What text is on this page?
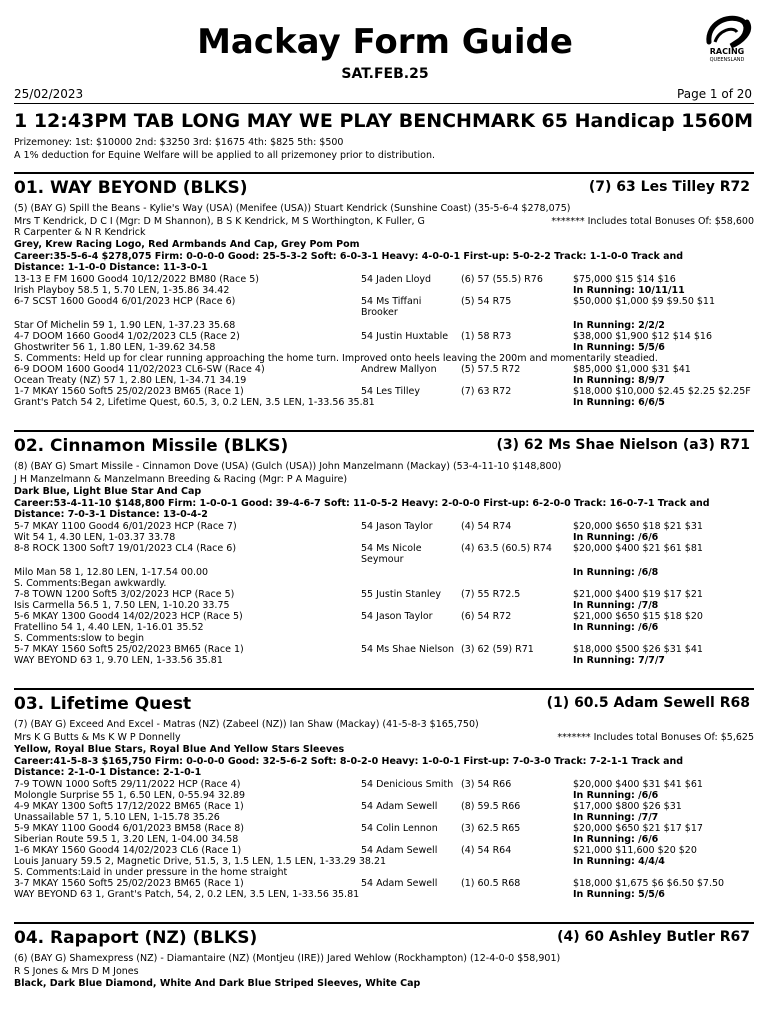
Mackay Form Guide
SAT.FEB.25
RACING
QUEENSLAND
25/02/2023	Page 1 of 20
1 12:43PM TAB LONG MAY WE PLAY BENCHMARK 65 Handicap 1560M
Prizemoney: 1st: $10000 2nd: $3250 3rd: $1675 4th: $825 5th: $500
A 1% deduction for Equine Welfare will be applied to all prizemoney prior to distribution.
01. WAY BEYOND (BLKS)	(7) 63 Les Tilley R72
(5) (BAY G) Spill the Beans - Kylie's Way (USA) (Menifee (USA)) Stuart Kendrick (Sunshine Coast) (35-5-6-4 $278,075)
Mrs T Kendrick, D C I (Mgr: D M Shannon), B S K Kendrick, M S Worthington, K Fuller, G
R Carpenter & N R Kendrick
******* Includes total Bonuses Of: $58,600
Grey, Krew Racing Logo, Red Armbands And Cap, Grey Pom Pom
Career:35-5-6-4 $278,075 Firm: 0-0-0-0 Good: 25-5-3-2 Soft: 6-0-3-1 Heavy: 4-0-0-1 First-up: 5-0-2-2 Track: 1-1-0-0 Track and
Distance: 1-1-0-0 Distance: 11-3-0-1
13-13 E FM 1600 Good4 10/12/2022 BM80 (Race 5)	54 Jaden Lloyd	(6) 57 (55.5) R76	$75,000 $15 $14 $16
Irish Playboy 58.5 1, 5.70 LEN, 1-35.86 34.42	In Running: 10/11/11
6-7 SCST 1600 Good4 6/01/2023 HCP (Race 6)	54 Ms Tiffani	(5) 54 R75	$50,000 $1,000 $9 $9.50 $11
Brooker
Star Of Michelin 59 1, 1.90 LEN, 1-37.23 35.68	In Running: 2/2/2
4-7 DOOM 1660 Good4 1/02/2023 CL5 (Race 2)	54 Justin Huxtable (1) 58 R73	$38,000 $1,900 $12 $14 $16
Ghostwriter 56 1, 1.80 LEN, 1-39.62 34.58	In Running: 5/5/6
S. Comments: Held up for clear running approaching the home turn. Improved onto heels leaving the 200m and momentarily steadied.
6-9 DOOM 1600 Good4 11/02/2023 CL6-SW (Race 4)	Andrew Mallyon	(5) 57.5 R72	$85,000 $1,000 $31 $41
Ocean Treaty (NZ) 57 1, 2.80 LEN, 1-34.71 34.19	In Running: 8/9/7
1-7 MKAY 1560 Soft5 25/02/2023 BM65 (Race 1)	54 Les Tilley	(7) 63 R72	$18,000 $10,000 $2.45 $2.25 $2.25F
Grant's Patch 54 2, Lifetime Quest, 60.5, 3, 0.2 LEN, 3.5 LEN, 1-33.56 35.81	In Running: 6/6/5
02. Cinnamon Missile (BLKS)	(3) 62 Ms Shae Nielson (a3) R71
(8) (BAY G) Smart Missile - Cinnamon Dove (USA) (Gulch (USA)) John Manzelmann (Mackay) (53-4-11-10 $148,800)
J H Manzelmann & Manzelmann Breeding & Racing (Mgr: P A Maguire)
Dark Blue, Light Blue Star And Cap
Career:53-4-11-10 $148,800 Firm: 1-0-0-1 Good: 39-4-6-7 Soft: 11-0-5-2 Heavy: 2-0-0-0 First-up: 6-2-0-0 Track: 16-0-7-1 Track and
Distance: 7-0-3-1 Distance: 13-0-4-2
5-7 MKAY 1100 Good4 6/01/2023 HCP (Race 7)	54 Jason Taylor	(4) 54 R74	$20,000 $650 $18 $21 $31
Wit 54 1, 4.30 LEN, 1-03.37 33.78	In Running: /6/6
8-8 ROCK 1300 Soft7 19/01/2023 CL4 (Race 6)	54 Ms Nicole	(4) 63.5 (60.5) R74 $20,000 $400 $21 $61 $81
Seymour
Milo Man 58 1, 12.80 LEN, 1-17.54 00.00	In Running: /6/8
S. Comments:Began awkwardly.
7-8 TOWN 1200 Soft5 3/02/2023 HCP (Race 5)	55 Justin Stanley (7) 55 R72.5	$21,000 $400 $19 $17 $21
Isis Carmella 56.5 1, 7.50 LEN, 1-10.20 33.75	In Running: /7/8
5-6 MKAY 1300 Good4 14/02/2023 HCP (Race 5)	54 Jason Taylor	(6) 54 R72	$21,000 $650 $15 $18 $20
Fratellino 54 1, 4.40 LEN, 1-16.01 35.52	In Running: /6/6
S. Comments:slow to begin
5-7 MKAY 1560 Soft5 25/02/2023 BM65 (Race 1)	54 Ms Shae Nielson (3) 62 (59) R71	$18,000 $500 $26 $31 $41
WAY BEYOND 63 1, 9.70 LEN, 1-33.56 35.81	In Running: 7/7/7
03. Lifetime Quest	(1) 60.5 Adam Sewell R68
(7) (BAY G) Exceed And Excel - Matras (NZ) (Zabeel (NZ)) Ian Shaw (Mackay) (41-5-8-3 $165,750)
Mrs K G Butts & Ms K W P Donnelly	******* Includes total Bonuses Of: $5,625
Yellow, Royal Blue Stars, Royal Blue And Yellow Stars Sleeves
Career:41-5-8-3 $165,750 Firm: 0-0-0-0 Good: 32-5-6-2 Soft: 8-0-2-0 Heavy: 1-0-0-1 First-up: 7-0-3-0 Track: 7-2-1-1 Track and
Distance: 2-1-0-1 Distance: 2-1-0-1
7-9 TOWN 1000 Soft5 29/11/2022 HCP (Race 4)	54 Denicious Smith (3) 54 R66	$20,000 $400 $31 $41 $61
Molongle Surprise 55 1, 6.50 LEN, 0-55.94 32.89	In Running: /6/6
4-9 MKAY 1300 Soft5 17/12/2022 BM65 (Race 1)	54 Adam Sewell (8) 59.5 R66	$17,000 $800 $26 $31
Unassailable 57 1, 5.10 LEN, 1-15.78 35.26	In Running: /7/7
5-9 MKAY 1100 Good4 6/01/2023 BM58 (Race 8)	54 Colin Lennon (3) 62.5 R65	$20,000 $650 $21 $17 $17
Siberian Route 59.5 1, 3.20 LEN, 1-04.00 34.58	In Running: /6/6
1-6 MKAY 1560 Good4 14/02/2023 CL6 (Race 1)	54 Adam Sewell (4) 54 R64	$21,000 $11,600 $20 $20
Louis January 59.5 2, Magnetic Drive, 51.5, 3, 1.5 LEN, 1.5 LEN, 1-33.29 38.21	In Running: 4/4/4
S. Comments:Laid in under pressure in the home straight
3-7 MKAY 1560 Soft5 25/02/2023 BM65 (Race 1)	54 Adam Sewell (1) 60.5 R68	$18,000 $1,675 $6 $6.50 $7.50
WAY BEYOND 63 1, Grant's Patch, 54, 2, 0.2 LEN, 3.5 LEN, 1-33.56 35.81	In Running: 5/5/6
04. Rapaport (NZ) (BLKS)	(4) 60 Ashley Butler R67
(6) (BAY G) Shamexpress (NZ) - Diamantaire (NZ) (Montjeu (IRE)) Jared Wehlow (Rockhampton) (12-4-0-0 $58,901)
R S Jones & Mrs D M Jones
Black, Dark Blue Diamond, White And Dark Blue Striped Sleeves, White Cap
